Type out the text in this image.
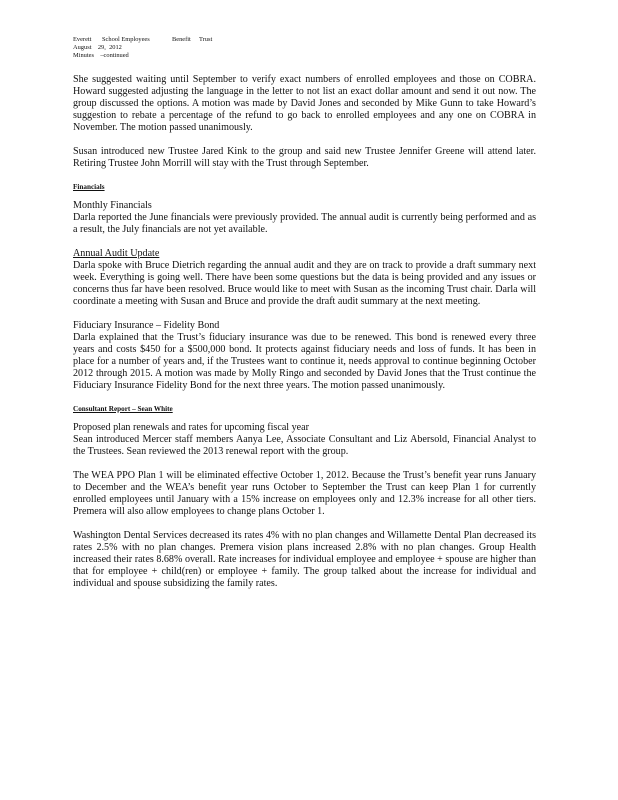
Everett School Employees	Benefit Trust
August 29, 2012
Minutes –continued

She suggested waiting until September to verify exact numbers of enrolled employees and those on COBRA. Howard suggested adjusting the language in the letter to not list an exact dollar amount and send it out now. The group discussed the options. A motion was made by David Jones and seconded by Mike Gunn to take Howard’s suggestion to rebate a percentage of the refund to go back to enrolled employees and any one on COBRA in November. The motion passed unanimously.

Susan introduced new Trustee Jared Kink to the group and said new Trustee Jennifer Greene will attend later. Retiring Trustee John Morrill will stay with the Trust through September.

Financials
Monthly Financials

Darla reported the June financials were previously provided. The annual audit is currently being performed and as a result, the July financials are not yet available.

Annual Audit Update

Darla spoke with Bruce Dietrich regarding the annual audit and they are on track to provide a draft summary next week. Everything is going well. There have been some questions but the data is being provided and any issues or concerns thus far have been resolved. Bruce would like to meet with Susan as the incoming Trust chair. Darla will coordinate a meeting with Susan and Bruce and provide the draft audit summary at the next meeting.

Fiduciary Insurance – Fidelity Bond

Darla explained that the Trust’s fiduciary insurance was due to be renewed. This bond is renewed every three years and costs $450 for a $500,000 bond. It protects against fiduciary needs and loss of funds. It has been in place for a number of years and, if the Trustees want to continue it, needs approval to continue beginning October 2012 through 2015. A motion was made by Molly Ringo and seconded by David Jones that the Trust continue the Fiduciary Insurance Fidelity Bond for the next three years. The motion passed unanimously.

Consultant Report – Sean White
Proposed plan renewals and rates for upcoming fiscal year

Sean introduced Mercer staff members Aanya Lee, Associate Consultant and Liz Abersold, Financial Analyst to the Trustees. Sean reviewed the 2013 renewal report with the group.

The WEA PPO Plan 1 will be eliminated effective October 1, 2012. Because the Trust’s benefit year runs January to December and the WEA’s benefit year runs October to September the Trust can keep Plan 1 for currently enrolled employees until January with a 15% increase on employees only and 12.3% increase for all other tiers. Premera will also allow employees to change plans October 1.

Washington Dental Services decreased its rates 4% with no plan changes and Willamette Dental Plan decreased its rates 2.5% with no plan changes. Premera vision plans increased 2.8% with no plan changes. Group Health increased their rates 8.68% overall. Rate increases for individual employee and employee + spouse are higher than that for employee + child(ren) or employee + family. The group talked about the increase for individual and individual and spouse subsidizing the family rates.
